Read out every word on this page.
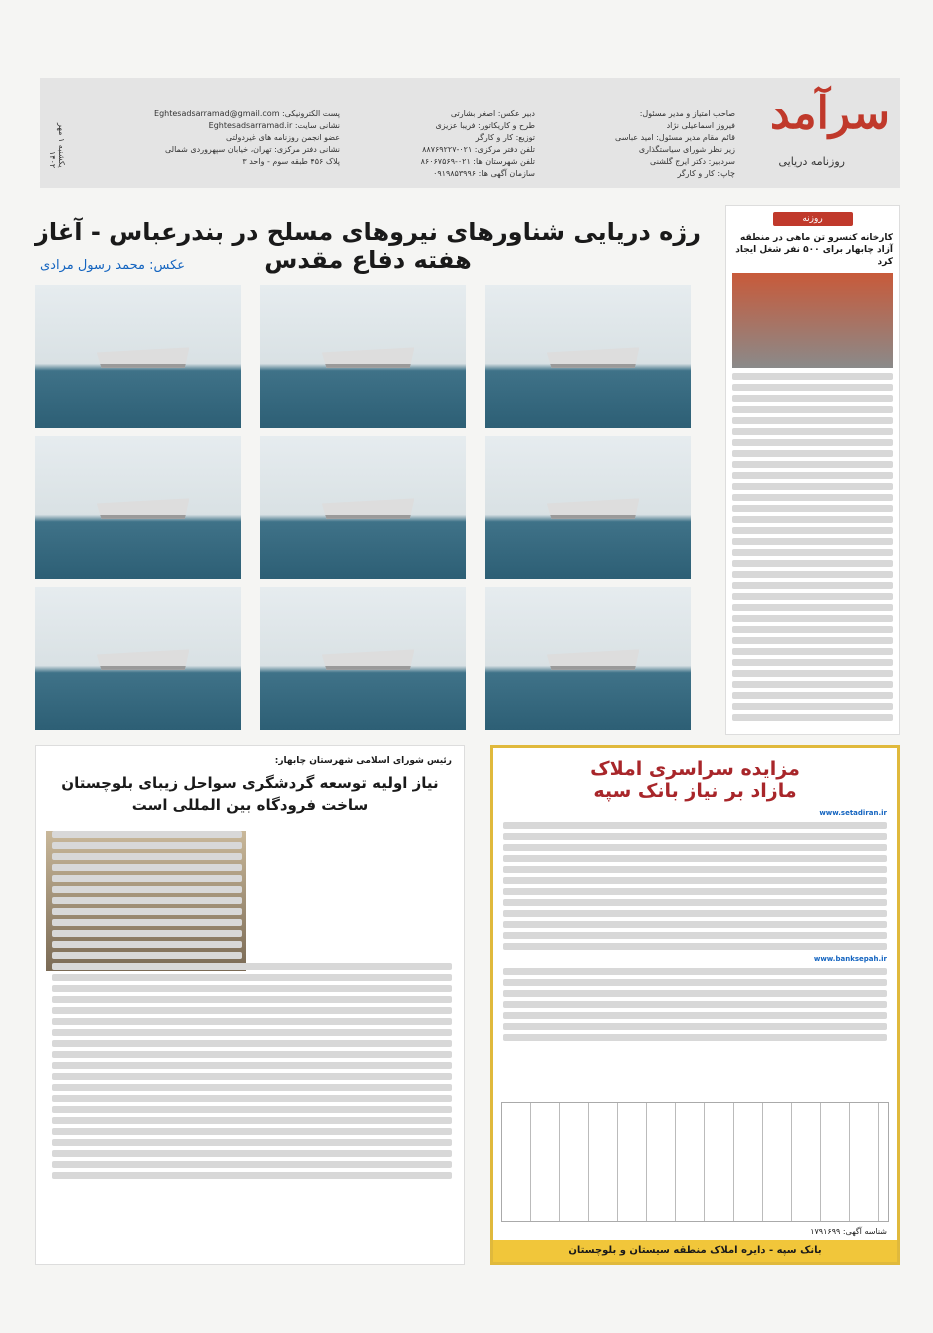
سرآمد
روزنامه دریایی
صاحب امتیاز و مدیر مسئول:
فیروز اسماعیلی نژاد
قائم مقام مدیر مسئول: امید عباسی
زیر نظر شورای سیاستگذاری
سردبیر: دکتر ایرج گلشنی
چاپ: کار و کارگر
دبیر عکس: اصغر بشارتی
طرح و کاریکاتور: فریبا عزیزی
توزیع: کار و کارگر
تلفن دفتر مرکزی: ۰۲۱-۸۸۷۶۹۲۲۷
تلفن شهرستان ها: ۰۲۱-۸۶۰۶۷۵۶۹
سازمان آگهی ها: ۰۹۱۹۸۵۳۹۹۶
پست الکترونیکی: Eghtesadsarramad@gmail.com
نشانی سایت: Eghtesadsarramad.ir
عضو انجمن روزنامه های غیردولتی
نشانی دفتر مرکزی: تهران، خیابان سپهروردی شمالی
پلاک ۴۵۶ طبقه سوم - واحد ۳
یکشنبه ۱ مهر ۱۴۰۲
روزنه
کارخانه کنسرو تن ماهی در منطقه آزاد چابهار برای ۵۰۰ نفر شغل ایجاد کرد
رژه دریایی شناورهای نیروهای مسلح در بندرعباس - آغاز هفته دفاع مقدس
عکس: محمد رسول مرادی
مزایده سراسری املاک
مازاد بر نیاز بانک سپه
www.setadiran.ir
www.banksepah.ir
شناسه آگهی: ۱۷۹۱۶۹۹
بانک سپه - دایره املاک منطقه سیستان و بلوچستان
رئیس شورای اسلامی شهرستان چابهار:
نیاز اولیه توسعه گردشگری سواحل زیبای بلوچستان
ساخت فرودگاه بین المللی است
